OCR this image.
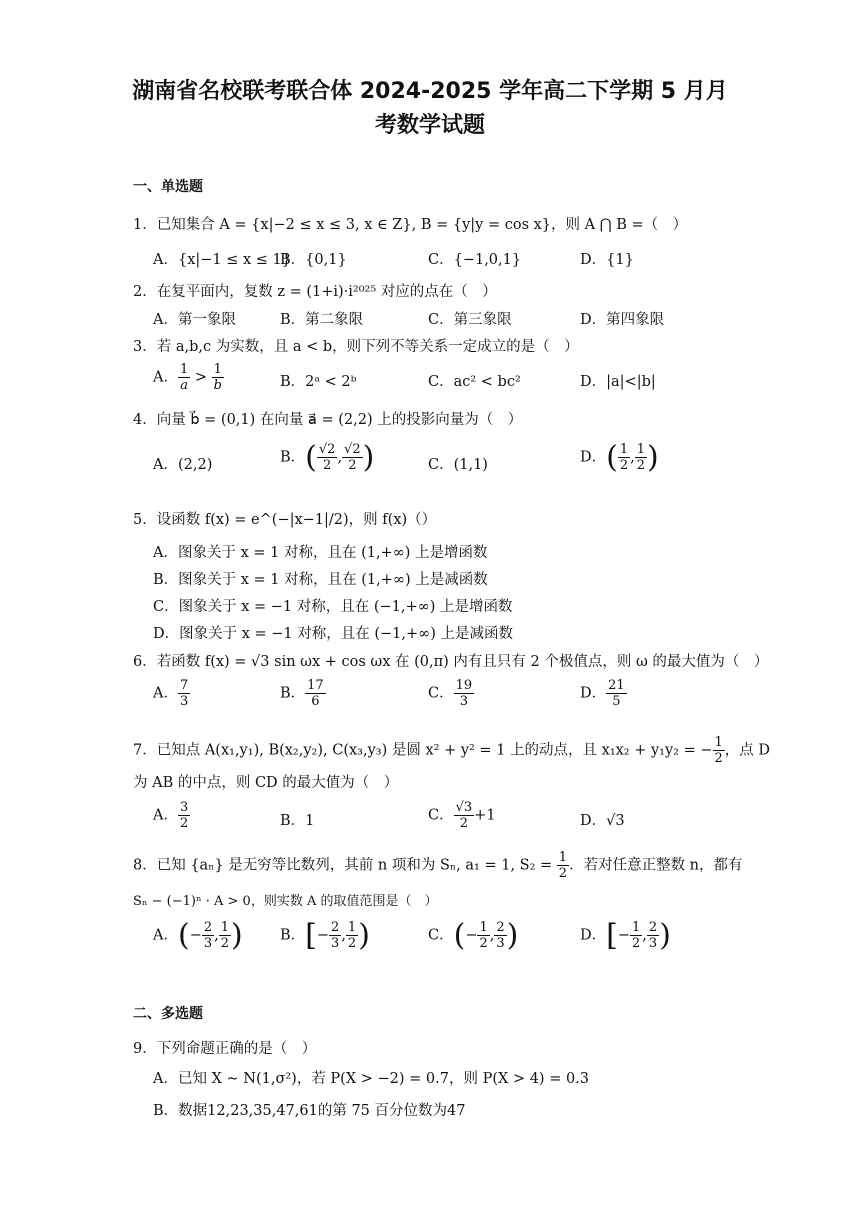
湖南省名校联考联合体 2024-2025 学年高二下学期 5 月月
考数学试题
一、单选题
1．已知集合 A = {x|−2 ≤ x ≤ 3, x ∈ Z}, B = {y|y = cos x}，则 A ⋂ B =（　）
A．{x|−1 ≤ x ≤ 1}
B．{0,1}	C．{−1,0,1}	D．{1}
2．在复平面内，复数 z = (1+i)·i²⁰²⁵ 对应的点在（　）
A．第一象限	B．第二象限	C．第三象限	D．第四象限
3．若 a,b,c 为实数，且 a < b，则下列不等关系一定成立的是（　）
A． $\frac{1}{a} > \frac{1}{b}$	B．2ᵃ < 2ᵇ	C．ac² < bc²	D．|a|<|b|
4．向量 b⃗ = (0,1) 在向量 a⃗ = (2,2) 上的投影向量为（　）
A．(2,2)	B．( $\frac{√2}{2}$ , $\frac{√2}{2}$ )	C．(1,1)	D．( $\frac{1}{2}$ , $\frac{1}{2}$ )
5．设函数 f(x) = e^(−|x−1|/2)，则 f(x)（）
A．图象关于 x = 1 对称，且在 (1,+∞) 上是增函数
B．图象关于 x = 1 对称，且在 (1,+∞) 上是减函数
C．图象关于 x = −1 对称，且在 (−1,+∞) 上是增函数
D．图象关于 x = −1 对称，且在 (−1,+∞) 上是减函数
6．若函数 f(x) = √3 sin ωx + cos ωx 在 (0,π) 内有且只有 2 个极值点，则 ω 的最大值为（　）
A． $\frac{7}{3}$	B． $\frac{17}{6}$	C． $\frac{19}{3}$	D． $\frac{21}{5}$
7．已知点 A(x₁,y₁), B(x₂,y₂), C(x₃,y₃) 是圆 x² + y² = 1 上的动点，且 x₁x₂ + y₁y₂ = − $\frac{1}{2}$ ，点 D
为 AB 的中点，则 CD 的最大值为（　）
A． $\frac{3}{2}$	B．1	C． $\frac{√3}{2} +1$	D．√3
8．已知 {aₙ} 是无穷等比数列，其前 n 项和为 Sₙ, a₁ = 1, $S_2 = \frac{1}{2}$ ．若对任意正整数 n，都有
Sₙ − (−1)ⁿ · A > 0，则实数 A 的取值范围是（　）
A．(− $\frac{2}{3}$ , $\frac{1}{2}$ )	B．[− $\frac{2}{3}$ , $\frac{1}{2}$ )	C．(− $\frac{1}{2}$ , $\frac{2}{3}$ )	D．[− $\frac{1}{2}$ , $\frac{2}{3}$ )
二、多选题
9．下列命题正确的是（　）
A．已知 X ~ N(1,σ²)，若 P(X > −2) = 0.7，则 P(X > 4) = 0.3
B．数据12,23,35,47,61的第 75 百分位数为47
